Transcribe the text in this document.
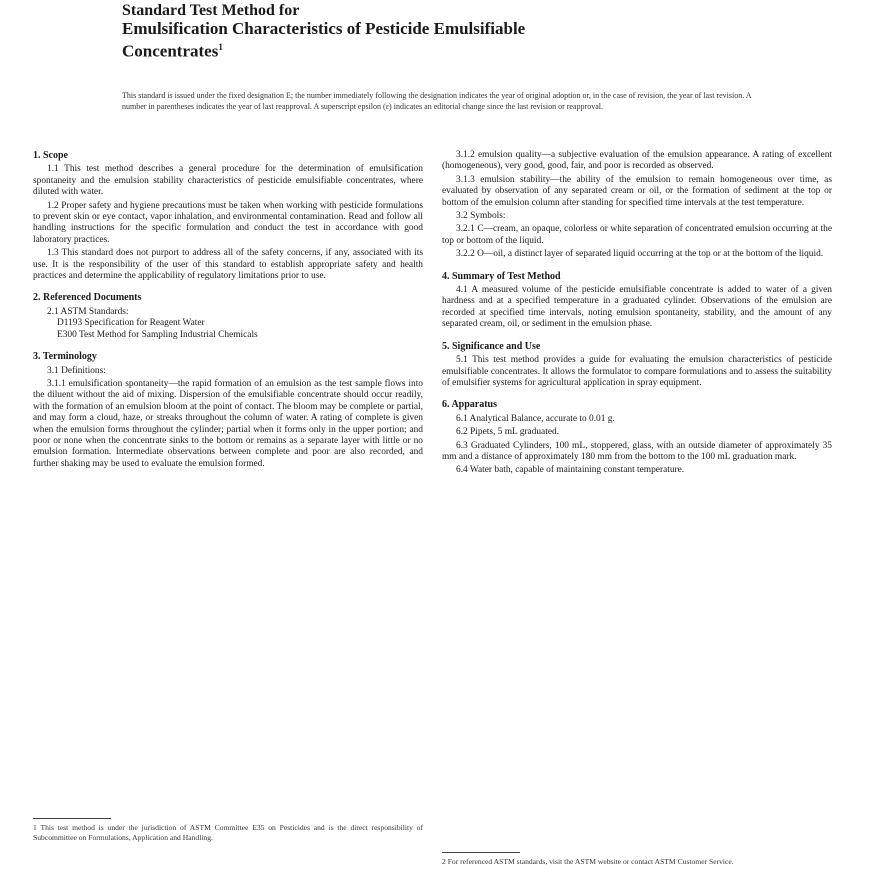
Standard Test Method for
Emulsification Characteristics of Pesticide Emulsifiable
Concentrates$^1$
This standard is issued under the fixed designation E; the number immediately following the designation indicates the year of original adoption or, in the case of revision, the year of last revision. A number in parentheses indicates the year of last reapproval. A superscript epsilon (ε) indicates an editorial change since the last revision or reapproval.
1. Scope

1.1 This test method describes a general procedure for the determination of emulsification spontaneity and the emulsion stability characteristics of pesticide emulsifiable concentrates, where diluted with water.

1.2 Proper safety and hygiene precautions must be taken when working with pesticide formulations to prevent skin or eye contact, vapor inhalation, and environmental contamination. Read and follow all handling instructions for the specific formulation and conduct the test in accordance with good laboratory practices.

1.3 This standard does not purport to address all of the safety concerns, if any, associated with its use. It is the responsibility of the user of this standard to establish appropriate safety and health practices and determine the applicability of regulatory limitations prior to use.

2. Referenced Documents

2.1 ASTM Standards:

D1193 Specification for Reagent Water

E300 Test Method for Sampling Industrial Chemicals

3. Terminology

3.1 Definitions:

3.1.1 emulsification spontaneity—the rapid formation of an emulsion as the test sample flows into the diluent without the aid of mixing. Dispersion of the emulsifiable concentrate should occur readily, with the formation of an emulsion bloom at the point of contact. The bloom may be complete or partial, and may form a cloud, haze, or streaks throughout the column of water. A rating of complete is given when the emulsion forms throughout the cylinder; partial when it forms only in the upper portion; and poor or none when the concentrate sinks to the bottom or remains as a separate layer with little or no emulsion formation. Intermediate observations between complete and poor are also recorded, and further shaking may be used to evaluate the emulsion formed.

3.1.2 emulsion quality—a subjective evaluation of the emulsion appearance. A rating of excellent (homogeneous), very good, good, fair, and poor is recorded as observed.

3.1.3 emulsion stability—the ability of the emulsion to remain homogeneous over time, as evaluated by observation of any separated cream or oil, or the formation of sediment at the top or bottom of the emulsion column after standing for specified time intervals at the test temperature.

3.2 Symbols:

3.2.1 C—cream, an opaque, colorless or white separation of concentrated emulsion occurring at the top or bottom of the liquid.

3.2.2 O—oil, a distinct layer of separated liquid occurring at the top or at the bottom of the liquid.

4. Summary of Test Method

4.1 A measured volume of the pesticide emulsifiable concentrate is added to water of a given hardness and at a specified temperature in a graduated cylinder. Observations of the emulsion are recorded at specified time intervals, noting emulsion spontaneity, stability, and the amount of any separated cream, oil, or sediment in the emulsion phase.

5. Significance and Use

5.1 This test method provides a guide for evaluating the emulsion characteristics of pesticide emulsifiable concentrates. It allows the formulator to compare formulations and to assess the suitability of emulsifier systems for agricultural application in spray equipment.

6. Apparatus

6.1 Analytical Balance, accurate to 0.01 g.

6.2 Pipets, 5 mL graduated.

6.3 Graduated Cylinders, 100 mL, stoppered, glass, with an outside diameter of approximately 35 mm and a distance of approximately 180 mm from the bottom to the 100 mL graduation mark.

6.4 Water bath, capable of maintaining constant temperature.

1 This test method is under the jurisdiction of ASTM Committee E35 on Pesticides and is the direct responsibility of Subcommittee on Formulations, Application and Handling.
2 For referenced ASTM standards, visit the ASTM website or contact ASTM Customer Service.
